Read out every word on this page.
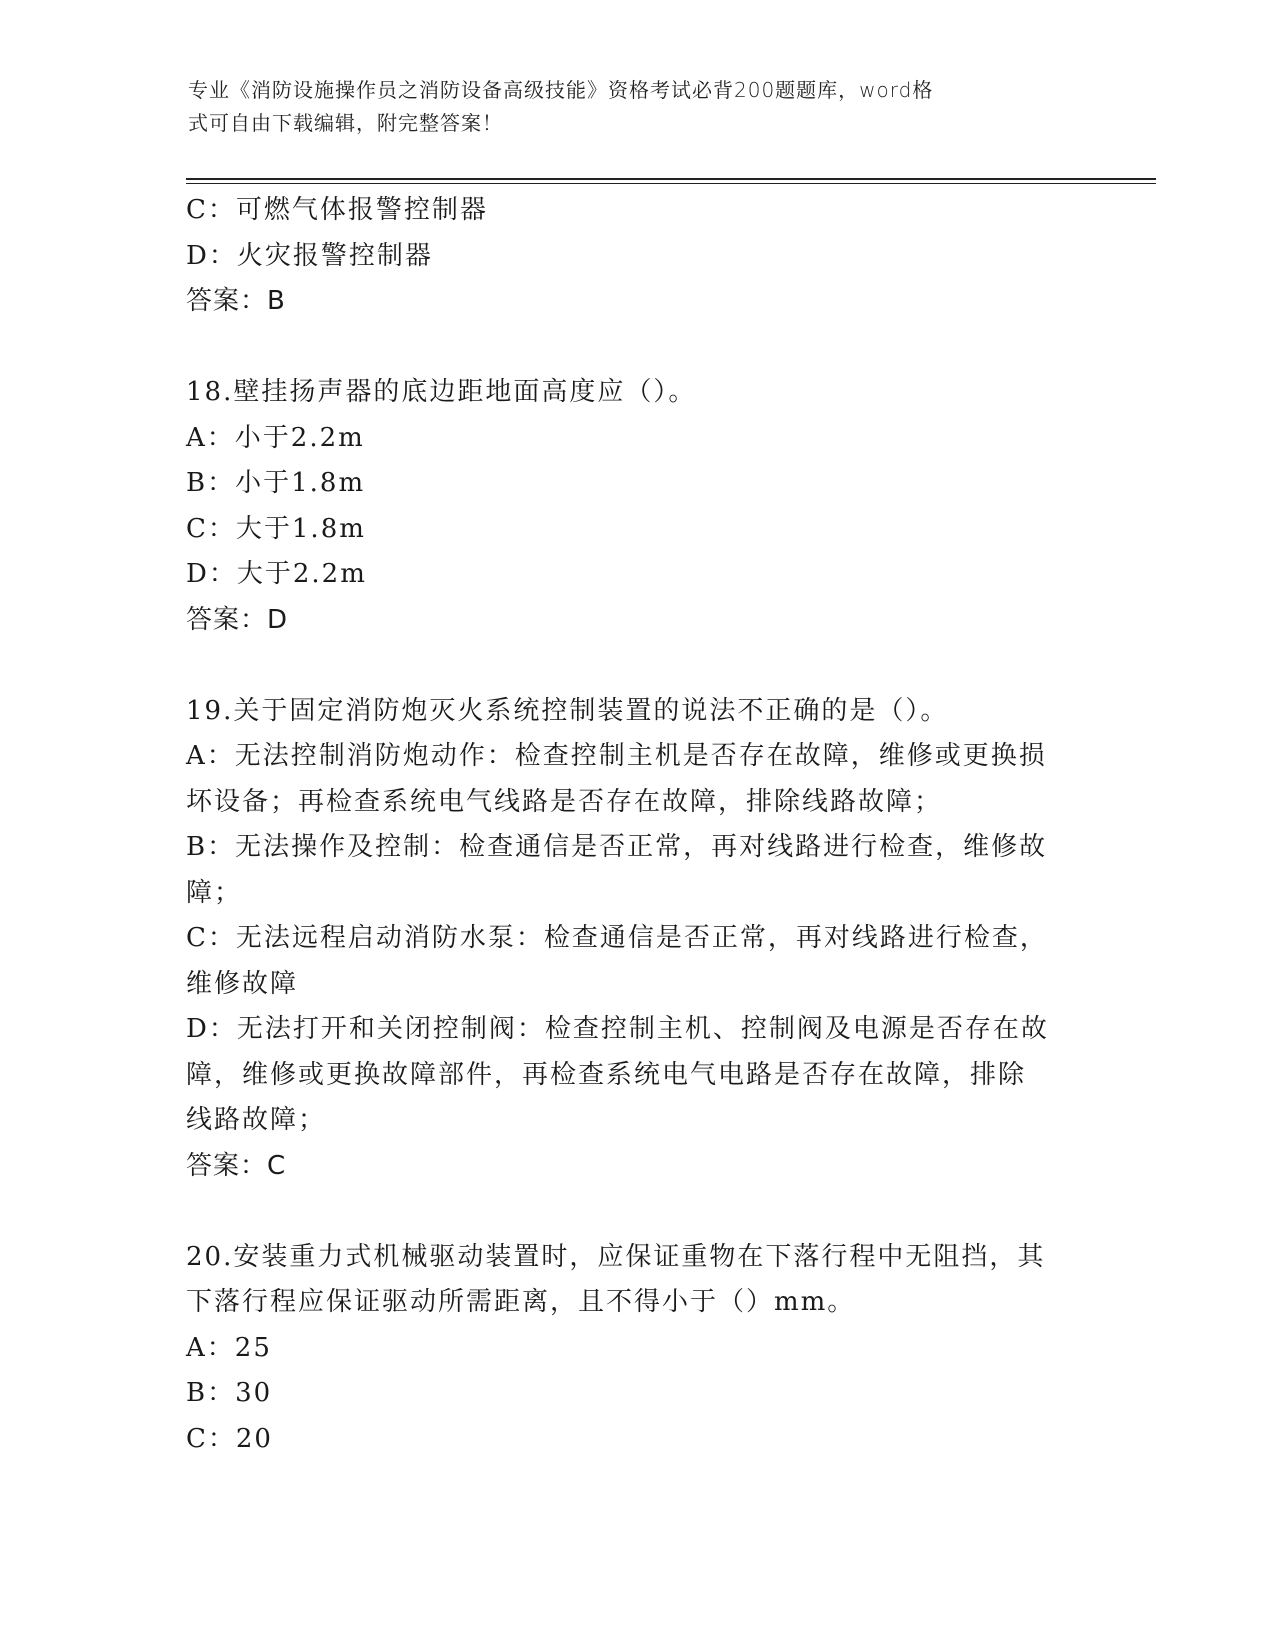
专业《消防设施操作员之消防设备高级技能》资格考试必背200题题库，word格
式可自由下载编辑，附完整答案！
C：可燃气体报警控制器
D：火灾报警控制器
答案：B
18.壁挂扬声器的底边距地面高度应（）。
A：小于2.2m
B：小于1.8m
C：大于1.8m
D：大于2.2m
答案：D
19.关于固定消防炮灭火系统控制装置的说法不正确的是（）。
A：无法控制消防炮动作：检查控制主机是否存在故障，维修或更换损
坏设备；再检查系统电气线路是否存在故障，排除线路故障；
B：无法操作及控制：检查通信是否正常，再对线路进行检查，维修故
障；
C：无法远程启动消防水泵：检查通信是否正常，再对线路进行检查，
维修故障
D：无法打开和关闭控制阀：检查控制主机、控制阀及电源是否存在故
障，维修或更换故障部件，再检查系统电气电路是否存在故障，排除
线路故障；
答案：C
20.安装重力式机械驱动装置时，应保证重物在下落行程中无阻挡，其
下落行程应保证驱动所需距离，且不得小于（）mm。
A：25
B：30
C：20
